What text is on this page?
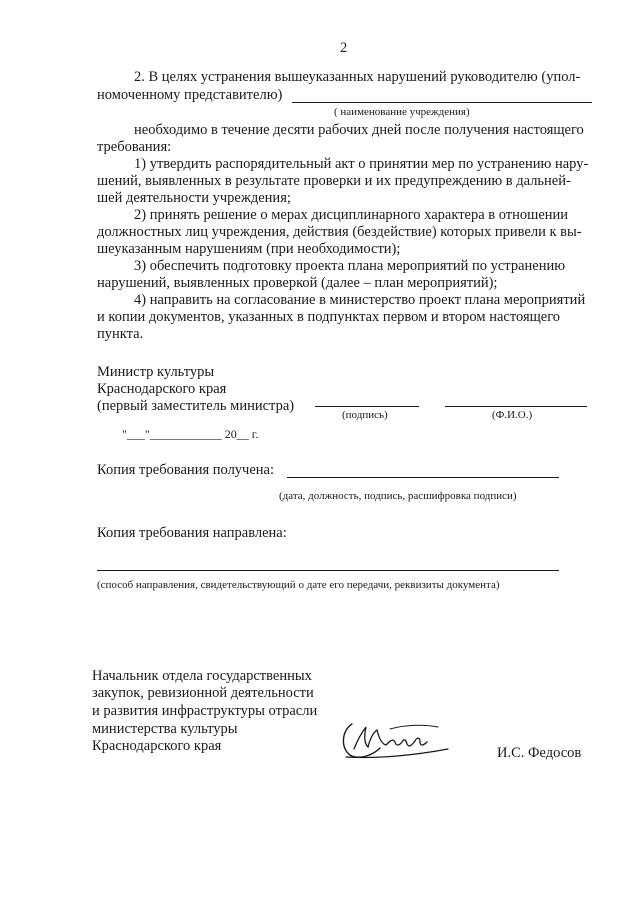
2
2. В целях устранения вышеуказанных нарушений руководителю (упол-
номоченному представителю)
( наименование учреждения)
необходимо в течение десяти рабочих дней после получения настоящего
требования:
1) утвердить распорядительный акт о принятии мер по устранению нару-
шений, выявленных в результате проверки и их предупреждению в дальней-
шей деятельности учреждения;
2) принять решение о мерах дисциплинарного характера в отношении
должностных лиц учреждения, действия (бездействие) которых привели к вы-
шеуказанным нарушениям (при необходимости);
3) обеспечить подготовку проекта плана мероприятий по устранению
нарушений, выявленных проверкой (далее – план мероприятий);
4) направить на согласование в министерство проект плана мероприятий
и копии документов, указанных в подпунктах первом и втором настоящего
пункта.
Министр культуры
Краснодарского края
(первый заместитель министра)
(подпись)	(Ф.И.О.)
"___"____________ 20__ г.
Копия требования получена:
(дата, должность, подпись, расшифровка подписи)
Копия требования направлена:
(способ направления, свидетельствующий о дате его передачи, реквизиты документа)
Начальник отдела государственных
закупок, ревизионной деятельности
и развития инфраструктуры отрасли
министерства культуры
Краснодарского края	И.С. Федосов
